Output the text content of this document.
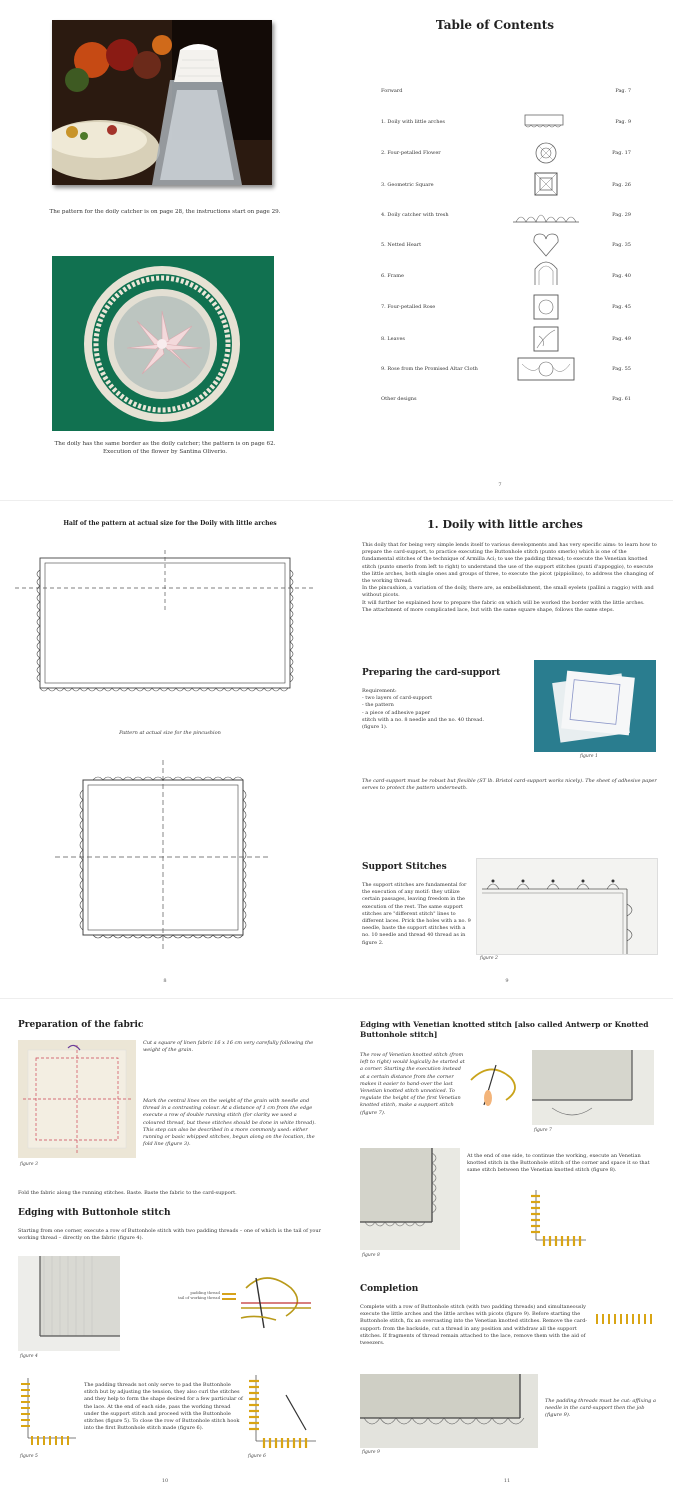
The pattern for the doily catcher is on page 28, the instructions start on page 29.
The doily has the same border as the doily catcher; the pattern is on page 62.
Execution of the flower by Santina Oliverio.
Table of Contents
Forward	Pag. 7
1. Doily with little arches	Pag. 9
2. Four-petalled Flower	Pag. 17
3. Geometric Square	Pag. 26
4. Doily catcher with tresh	Pag. 29
5. Netted Heart	Pag. 35
6. Frame	Pag. 40
7. Four-petalled Rose	Pag. 45
8. Leaves	Pag. 49
9. Rose from the Promised Altar Cloth	Pag. 55
Other designs	Pag. 61
7
Half of the pattern at actual size for the Doily with little arches
Pattern at actual size for the pincushion
8
1. Doily with little arches
This doily that for being very simple lends itself to various developments and has very specific aims: to learn how to prepare the card-support, to practice executing the Buttonhole stitch (punto smerlo) which is one of the fundamental stitches of the technique of Armilla Aci; to use the padding thread; to execute the Venetian knotted stitch (punto smerlo from left to right) to understand the use of the support stitches (punti d'appoggio), to execute the little arches, both single ones and groups of three, to execute the picot (pippiolino), to address the changing of the working thread.
In the pincushion, a variation of the doily, there are, as embellishment, the small eyelets (pallini a raggio) with and without picots.
It will further be explained how to prepare the fabric on which will be worked the border with the little arches.
The attachment of more complicated lace, but with the same square shape, follows the same steps.
Preparing the card-support
Requirement:
- two layers of card-support
- the pattern
- a piece of adhesive paper
stitch with a no. 8 needle and the no. 40 thread.
(figure 1).
figure 1
The card-support must be robust but flexible (ST lb. Bristol card-support works nicely). The sheet of adhesive paper serves to protect the pattern underneath.
Support Stitches
The support stitches are fundamental for the execution of any motif: they utilize certain passages, leaving freedom in the execution of the rest. The same support stitches are "different stitch" lines to different laces. Prick the holes with a no. 9 needle, baste the support stitches with a no. 10 needle and thread 40 thread as in figure 2.
figure 2
9
Preparation of the fabric
figure 3
Cut a square of linen fabric 16 x 16 cm very carefully following the weight of the grain.
Mark the central lines on the weight of the grain with needle and thread in a contrasting colour. At a distance of 1 cm from the edge execute a row of double running stitch (for clarity we used a coloured thread, but these stitches should be done in white thread). This step can also be described in a more commonly used: either running or basic whipped stitches, begun along on the location, the fold line (figure 3).
Fold the fabric along the running stitches. Baste. Baste the fabric to the card-support.
Edging with Buttonhole stitch
Starting from one corner, execute a row of Buttonhole stitch with two padding threads – one of which is the tail of your working thread – directly on the fabric (figure 4).
figure 4
padding thread
tail of working thread
figure 5
The padding threads not only serve to pad the Buttonhole stitch but by adjusting the tension, they also curl the stitches and they help to form the shape desired for a few particular of the lace. At the end of each side, pass the working thread under the support stitch and proceed with the Buttonhole stitches (figure 5). To close the row of Buttonhole stitch hook into the first Buttonhole stitch made (figure 6).
figure 6
10
Edging with Venetian knotted stitch [also called Antwerp or Knotted Buttonhole stitch]
The row of Venetian knotted stitch (from left to right) would logically be started at a corner. Starting the execution instead at a certain distance from the corner makes it easier to hand-over the last Venetian knotted stitch unnoticed. To regulate the height of the first Venetian knotted stitch, make a support stitch (figure 7).
figure 7
figure 8
At the end of one side, to continue the working, execute an Venetian knotted stitch in the Buttonhole stitch of the corner and space it so that same stitch between the Venetian knotted stitch (figure 8).
Completion
Complete with a row of Buttonhole stitch (with two padding threads) and simultaneously execute the little arches and the little arches with picots (figure 9). Before starting the Buttonhole stitch, fix an overcasting into the Venetian knotted stitches. Remove the card-support: from the backside, cut a thread in any position and withdraw all the support stitches. If fragments of thread remain attached to the lace, remove them with the aid of tweezers.
figure 9
The padding threads must be cut: affixing a needle in the card-support then the job (figure 9).
11
